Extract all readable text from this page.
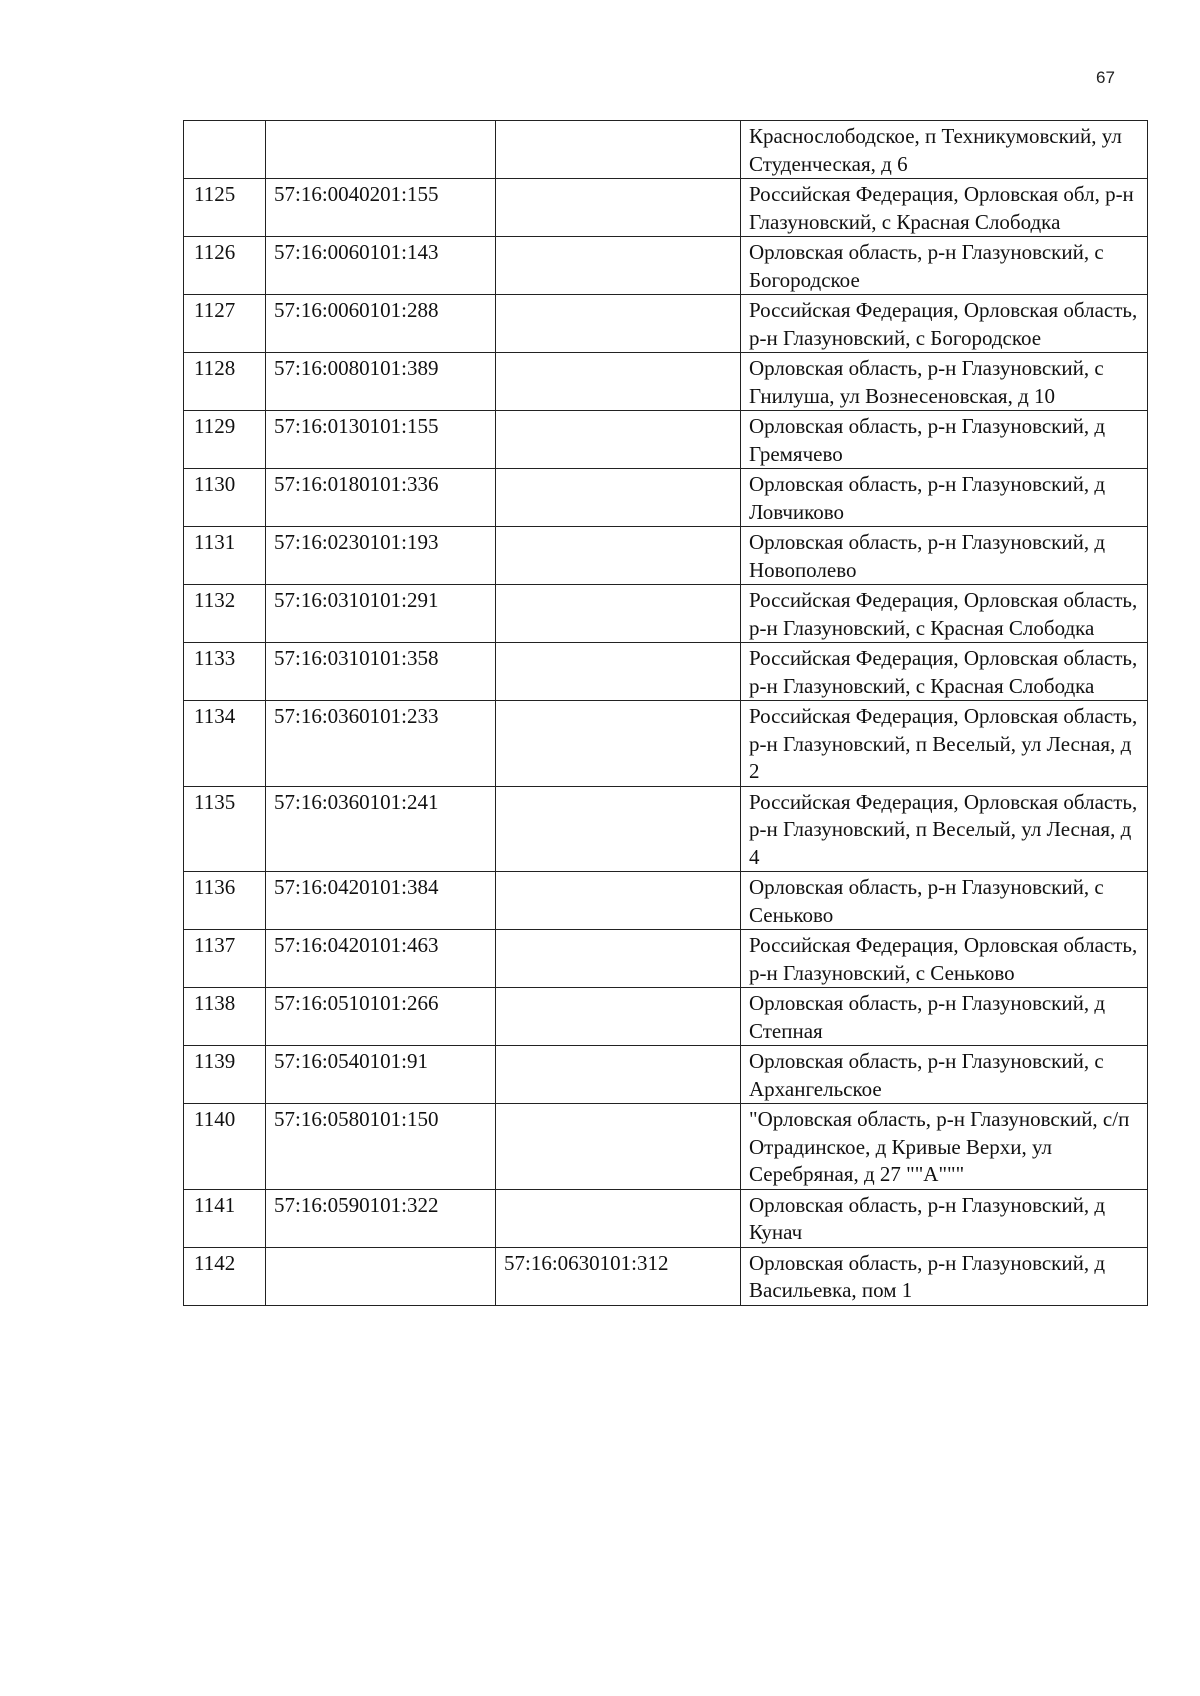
67
			Краснослободское, п Техникумовский, ул Студенческая, д 6
1125	57:16:0040201:155		Российская Федерация, Орловская обл, р-н Глазуновский, с Красная Слободка
1126	57:16:0060101:143		Орловская область, р-н Глазуновский, с Богородское
1127	57:16:0060101:288		Российская Федерация, Орловская область, р-н Глазуновский, с Богородское
1128	57:16:0080101:389		Орловская область, р-н Глазуновский, с Гнилуша, ул Вознесеновская, д 10
1129	57:16:0130101:155		Орловская область, р-н Глазуновский, д Гремячево
1130	57:16:0180101:336		Орловская область, р-н Глазуновский, д Ловчиково
1131	57:16:0230101:193		Орловская область, р-н Глазуновский, д Новополево
1132	57:16:0310101:291		Российская Федерация, Орловская область, р-н Глазуновский, с Красная Слободка
1133	57:16:0310101:358		Российская Федерация, Орловская область, р-н Глазуновский, с Красная Слободка
1134	57:16:0360101:233		Российская Федерация, Орловская область, р-н Глазуновский, п Веселый, ул Лесная, д 2
1135	57:16:0360101:241		Российская Федерация, Орловская область, р-н Глазуновский, п Веселый, ул Лесная, д 4
1136	57:16:0420101:384		Орловская область, р-н Глазуновский, с Сеньково
1137	57:16:0420101:463		Российская Федерация, Орловская область, р-н Глазуновский, с Сеньково
1138	57:16:0510101:266		Орловская область, р-н Глазуновский, д Степная
1139	57:16:0540101:91		Орловская область, р-н Глазуновский, с Архангельское
1140	57:16:0580101:150		"Орловская область, р-н Глазуновский, с/п Отрадинское, д Кривые Верхи, ул Серебряная, д 27 ""А"""
1141	57:16:0590101:322		Орловская область, р-н Глазуновский, д Кунач
1142		57:16:0630101:312	Орловская область, р-н Глазуновский, д Васильевка, пом 1
